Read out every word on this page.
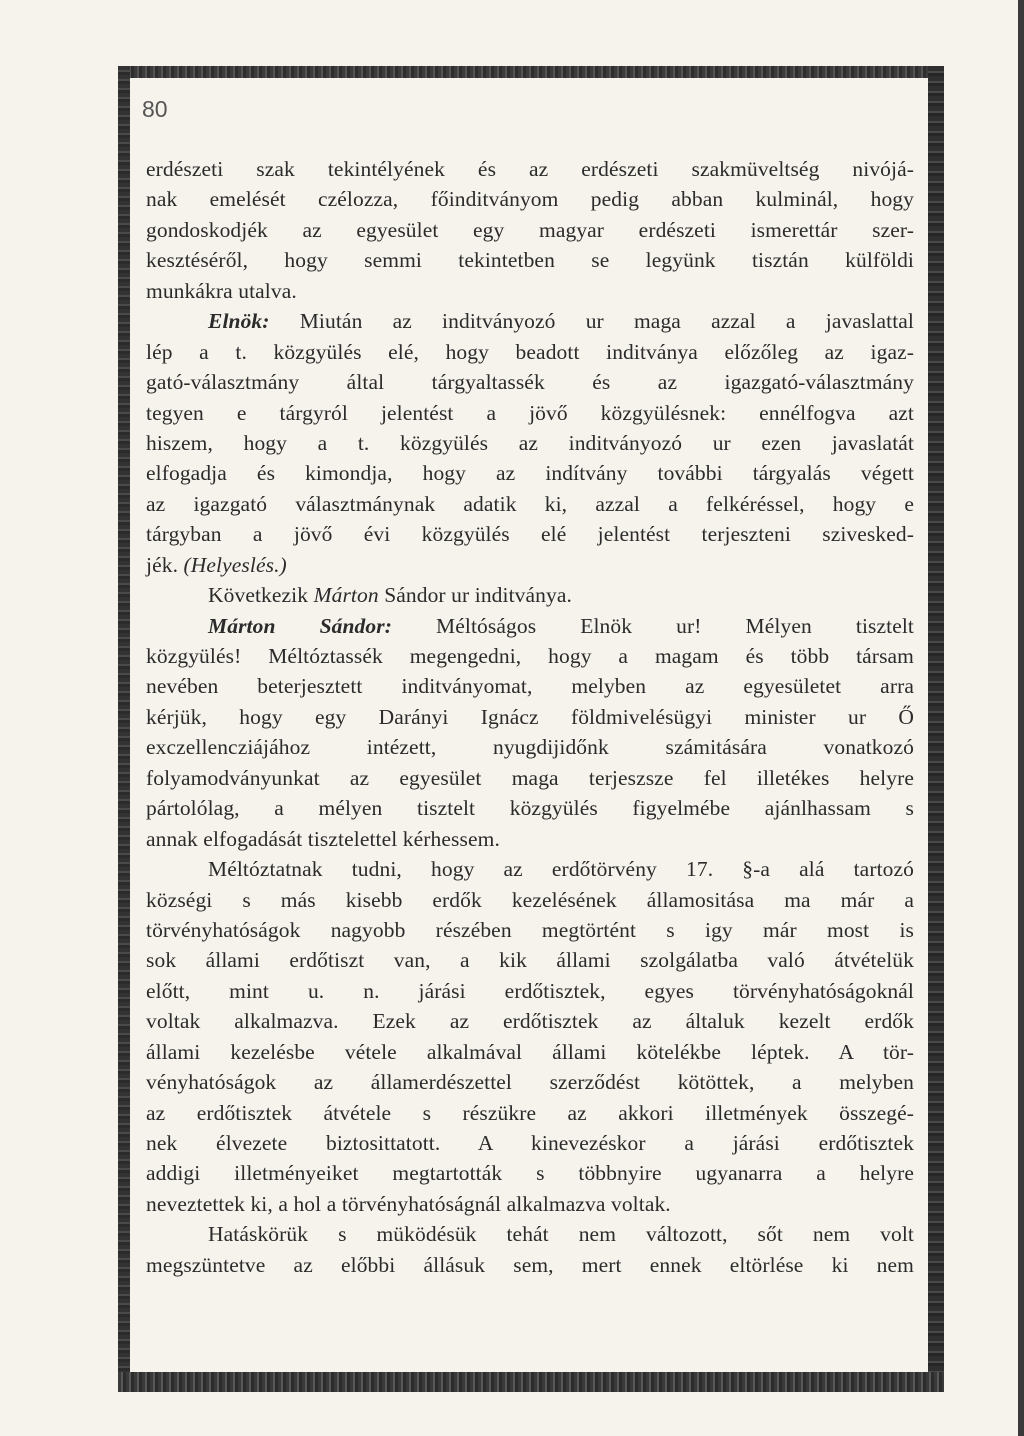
80
erdészeti szak tekintélyének és az erdészeti szakmüveltség nivójá-
nak emelését czélozza, főinditványom pedig abban kulminál, hogy
gondoskodjék az egyesület egy magyar erdészeti ismerettár szer-
kesztéséről, hogy semmi tekintetben se legyünk tisztán külföldi
munkákra utalva.
Elnök: Miután az inditványozó ur maga azzal a javaslattal
lép a t. közgyülés elé, hogy beadott inditványa előzőleg az igaz-
gató-választmány által tárgyaltassék és az igazgató-választmány
tegyen e tárgyról jelentést a jövő közgyülésnek: ennélfogva azt
hiszem, hogy a t. közgyülés az inditványozó ur ezen javaslatát
elfogadja és kimondja, hogy az indítvány további tárgyalás végett
az igazgató választmánynak adatik ki, azzal a felkéréssel, hogy e
tárgyban a jövő évi közgyülés elé jelentést terjeszteni szivesked-
jék. (Helyeslés.)
Következik Márton Sándor ur inditványa.
Márton Sándor: Méltóságos Elnök ur! Mélyen tisztelt
közgyülés! Méltóztassék megengedni, hogy a magam és több társam
nevében beterjesztett inditványomat, melyben az egyesületet arra
kérjük, hogy egy Darányi Ignácz földmivelésügyi minister ur Ő
exczellencziájához intézett, nyugdijidőnk számitására vonatkozó
folyamodványunkat az egyesület maga terjeszsze fel illetékes helyre
pártolólag, a mélyen tisztelt közgyülés figyelmébe ajánlhassam s
annak elfogadását tisztelettel kérhessem.
Méltóztatnak tudni, hogy az erdőtörvény 17. §-a alá tartozó
községi s más kisebb erdők kezelésének államositása ma már a
törvényhatóságok nagyobb részében megtörtént s igy már most is
sok állami erdőtiszt van, a kik állami szolgálatba való átvételük
előtt, mint u. n. járási erdőtisztek, egyes törvényhatóságoknál
voltak alkalmazva. Ezek az erdőtisztek az általuk kezelt erdők
állami kezelésbe vétele alkalmával állami kötelékbe léptek. A tör-
vényhatóságok az államerdészettel szerződést kötöttek, a melyben
az erdőtisztek átvétele s részükre az akkori illetmények összegé-
nek élvezete biztosittatott. A kinevezéskor a járási erdőtisztek
addigi illetményeiket megtartották s többnyire ugyanarra a helyre
neveztettek ki, a hol a törvényhatóságnál alkalmazva voltak.
Hatáskörük s müködésük tehát nem változott, sőt nem volt
megszüntetve az előbbi állásuk sem, mert ennek eltörlése ki nem
